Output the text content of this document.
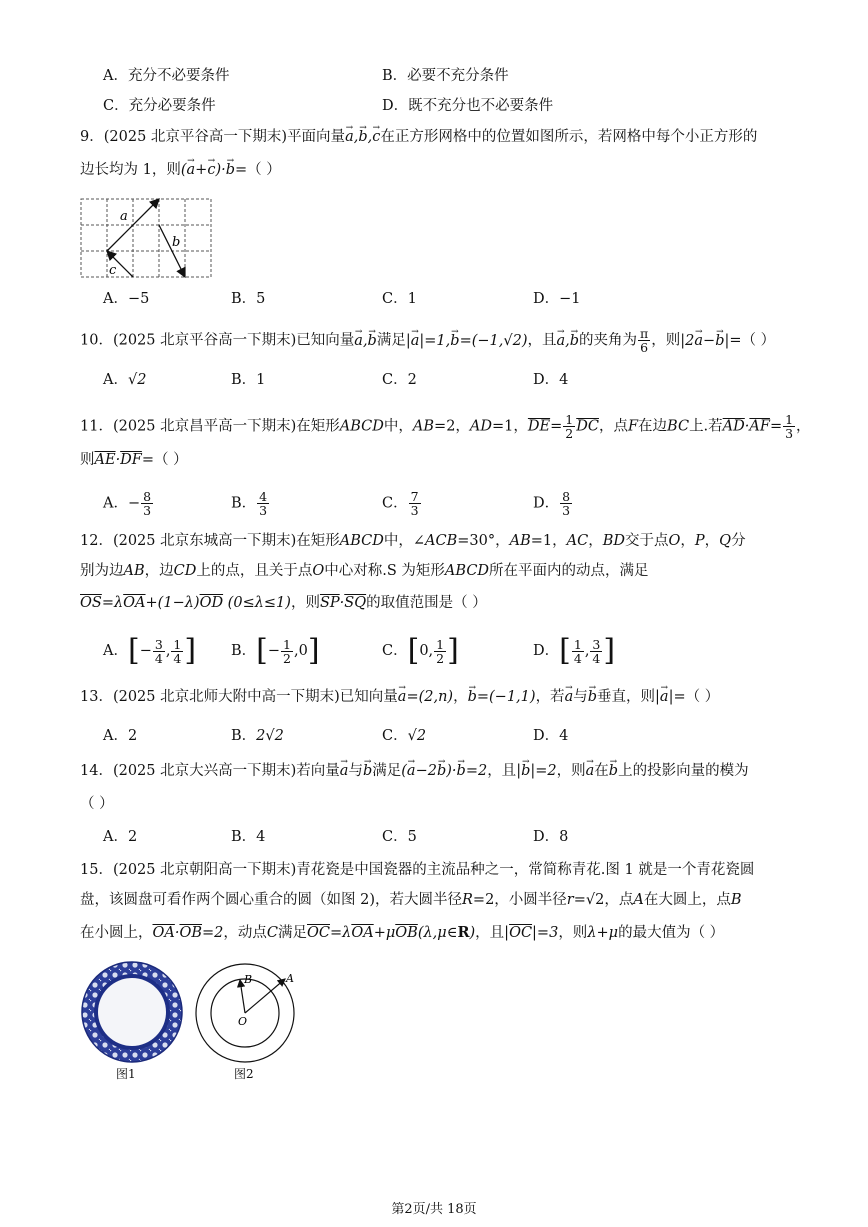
A．充分不必要条件	B．必要不充分条件
C．充分必要条件	D．既不充分也不必要条件
9．(2025 北京平谷高一下期末)平面向量→ a,→ b,→ c在正方形网格中的位置如图所示，若网格中每个小正方形的
边长均为 1，则(→ a+→ c)·→ b=（ ）
a
b
c
A．−5	B．5	C．1	D．−1
10．(2025 北京平谷高一下期末)已知向量→ a,→ b满足|→ a|=1,→ b=(−1,√2)，且→ a,→ b的夹角为 $\frac{\pi}{6}$ ，则|2→ a−→ b|=（ ）
A．√2	B．1	C．2	D．4
11．(2025 北京昌平高一下期末)在矩形ABCD中，AB=2，AD=1，$\overline{DE}= \frac{1}{2} \overline{DC}$，点F在边BC上.若$\overline{AD}\cdot\overline{AF}= \frac{1}{3}$ ，
则$\overline{AE}\cdot\overline{DF}=$（ ）
A．− $\frac{8}{3}$	B． $\frac{4}{3}$	C． $\frac{7}{3}$	D． $\frac{8}{3}$
12．(2025 北京东城高一下期末)在矩形ABCD中，∠ACB=30°，AB=1，AC，BD交于点O，P，Q分
别为边AB，边CD上的点，且关于点O中心对称.S 为矩形ABCD所在平面内的动点，满足
$\overline{OS}=\lambda\overline{OA}+(1-\lambda)\overline{OD}$ (0≤λ≤1)，则$\overline{SP}\cdot\overline{SQ}$的取值范围是（ ）
A．[− $\frac{3}{4}$ , $\frac{1}{4}$ ] B．[− $\frac{1}{2} ,0$]	C．[0, $\frac{1}{2}$ ]	D．[ $\frac{1}{4}$ , $\frac{3}{4}$ ]
13．(2025 北京北师大附中高一下期末)已知向量→ a=(2,n)，→ b=(−1,1)，若→ a与→ b垂直，则|→ a|=（ ）
A．2	B．2√2	C．√2	D．4
14．(2025 北京大兴高一下期末)若向量→ a与→ b满足(→ a−2→ b)·→ b=2，且|→ b|=2，则→ a在→ b上的投影向量的模为
（ ）
A．2	B．4	C．5	D．8
15．(2025 北京朝阳高一下期末)青花瓷是中国瓷器的主流品种之一，常简称青花.图 1 就是一个青花瓷圆
盘，该圆盘可看作两个圆心重合的圆（如图 2)，若大圆半径R=2，小圆半径r=√2，点A在大圆上，点B
在小圆上，$\overline{OA}\cdot\overline{OB}=2$，动点C满足$\overline{OC}=\lambda\overline{OA}+\mu\overline{OB}(\lambda,\mu\in R)$，且$|\overline{OC}|=3$，则λ+μ的最大值为（ ）
图1
A
B
O
图2
第2页/共 18页
